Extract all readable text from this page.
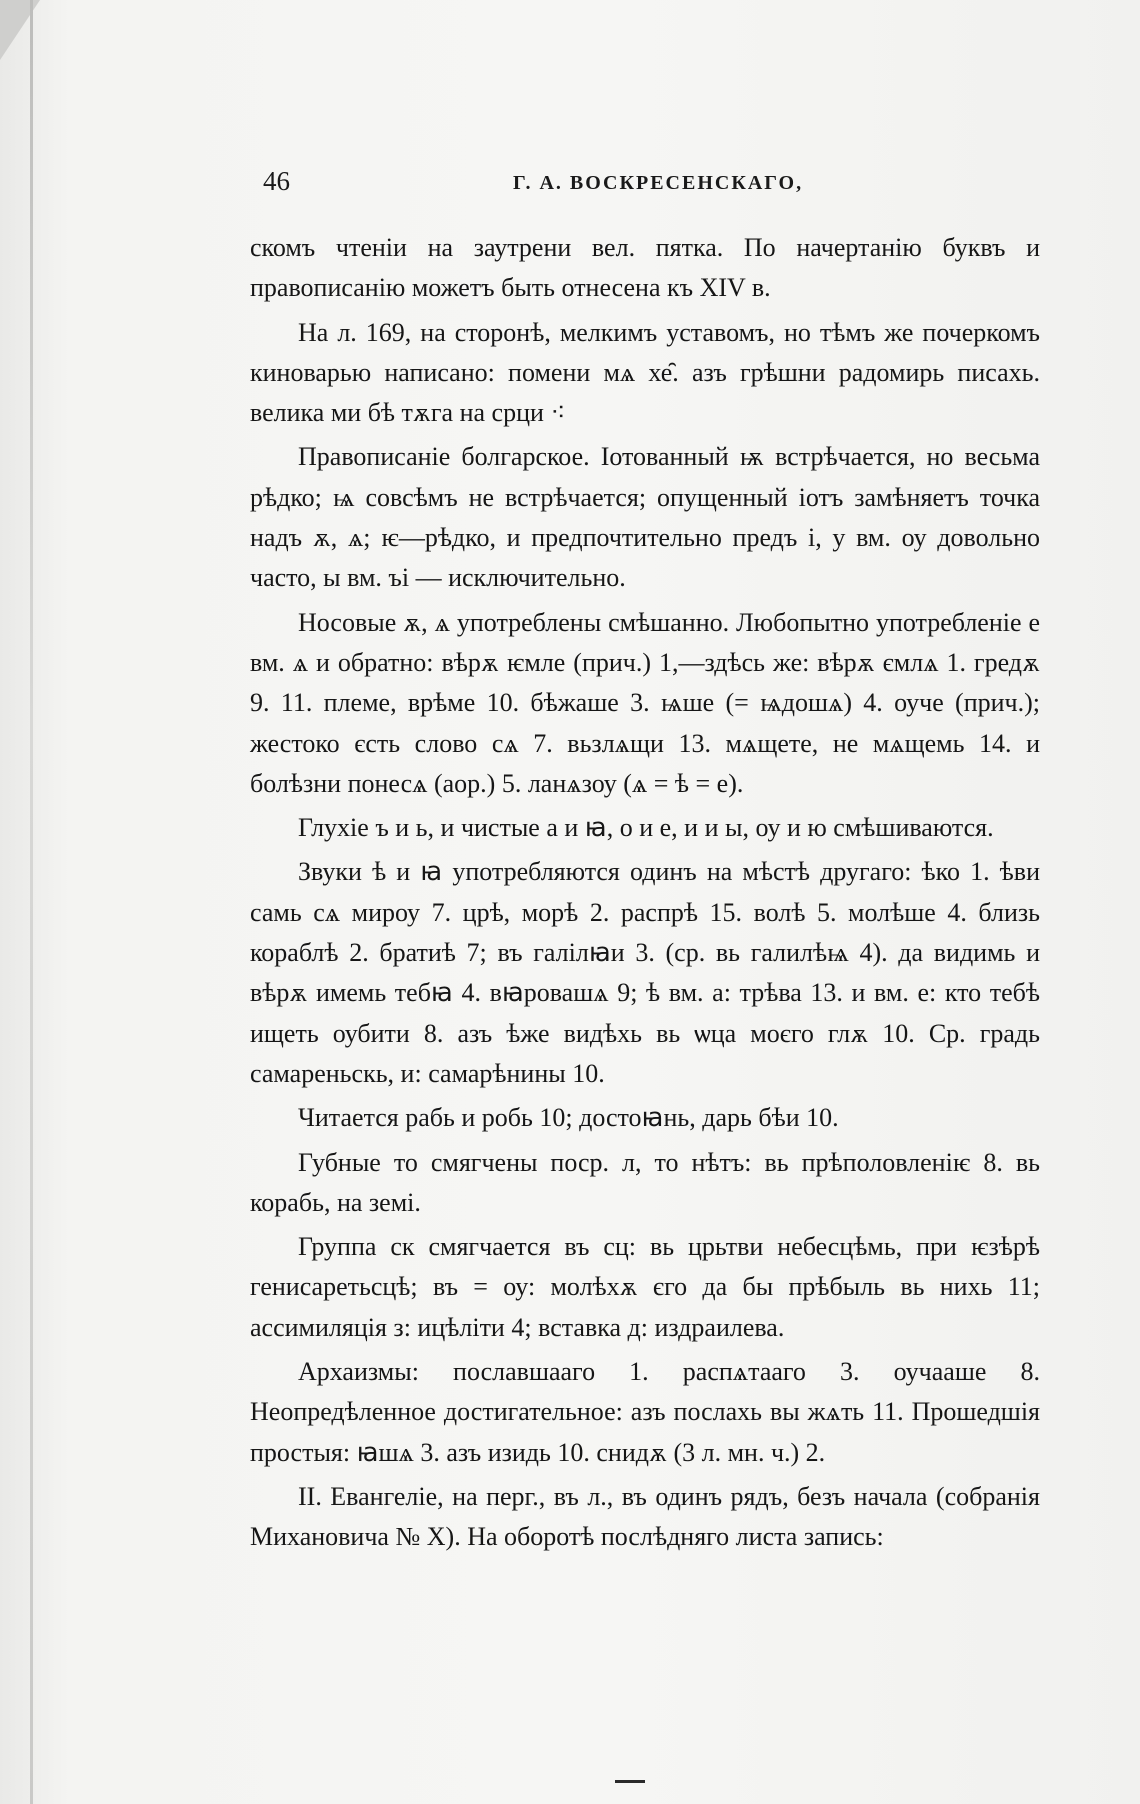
46	Г. А. ВОСКРЕСЕНСКАГО,

скомъ чтеніи на заутрени вел. пятка. По начертанію буквъ и правописанію можетъ быть отнесена къ XIV в.

На л. 169, на сторонѣ, мелкимъ уставомъ, но тѣмъ же почеркомъ киноварью написано: помени мѧ хе̑. азъ грѣшни радомирь писахь. велика ми бѣ тѫга на срци ⁖

Правописаніе болгарское. Іотованный ѭ встрѣчается, но весьма рѣдко; ѩ совсѣмъ не встрѣчается; опущенный іотъ замѣняетъ точка надъ ѫ, ѧ; ѥ—рѣдко, и предпочтительно предъ і, у вм. оу довольно часто, ы вм. ъі — исключительно.

Носовые ѫ, ѧ употреблены смѣшанно. Любопытно употребленіе е вм. ѧ и обратно: вѣрѫ ѥмле (прич.) 1,—здѣсь же: вѣрѫ ємлѧ 1. гредѫ 9. 11. племе, врѣме 10. бѣжаше 3. ѩше (= ѩдошѧ) 4. оуче (прич.); жестоко єсть слово сѧ 7. вьзлѧщи 13. мѧщете, не мѧщемь 14. и болѣзни понесѧ (аор.) 5. ланѧзоу (ѧ = ѣ = е).

Глухіе ъ и ь, и чистые а и ꙗ, о и е, и и ы, оу и ю смѣшиваются.

Звуки ѣ и ꙗ употребляются одинъ на мѣстѣ другаго: ѣко 1. ѣви самь сѧ мироу 7. црѣ, морѣ 2. распрѣ 15. волѣ 5. молѣше 4. близь кораблѣ 2. братиѣ 7; въ галілꙗи 3. (ср. вь галилѣѩ 4). да видимь и вѣрѫ имемь тебꙗ 4. вꙗровашѧ 9; ѣ вм. а: трѣва 13. и вм. е: кто тебѣ ищеть оубити 8. азъ ѣже видѣхь вь ѡца моєго глѫ 10. Ср. градь самареньскь, и: самарѣнины 10.

Читается рабь и робь 10; достоꙗнь, дарь бѣи 10.

Губные то смягчены поср. л, то нѣтъ: вь прѣполовленіѥ 8. вь корабь, на земі.

Группа ск смягчается въ сц: вь црьтви небесцѣмь, при ѥзѣрѣ генисаретьсцѣ; въ = оу: молѣхѫ єго да бы прѣбыль вь нихь 11; ассимиляція з: ицѣліти 4; вставка д: издраилева.

Архаизмы: пославшааго 1. распѧтааго 3. оучааше 8. Неопредѣленное достигательное: азъ послахь вы жѧть 11. Прошедшія простыя: ꙗшѧ 3. азъ изидь 10. снидѫ (3 л. мн. ч.) 2.

II. Евангеліе, на перг., въ л., въ одинъ рядъ, безъ начала (собранія Михановича № X). На оборотѣ послѣдняго листа запись:
